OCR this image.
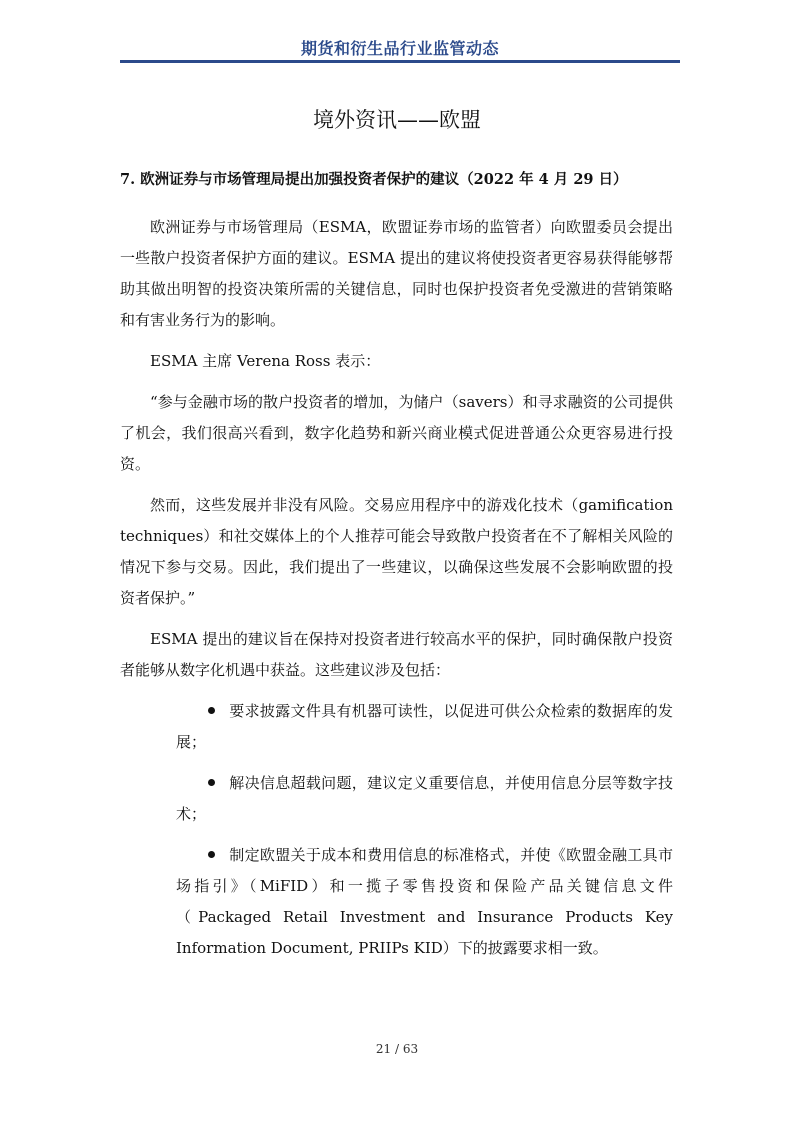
期货和衍生品行业监管动态
境外资讯——欧盟
7. 欧洲证券与市场管理局提出加强投资者保护的建议（2022 年 4 月 29 日）

欧洲证券与市场管理局（ESMA，欧盟证券市场的监管者）向欧盟委员会提出一些散户投资者保护方面的建议。ESMA 提出的建议将使投资者更容易获得能够帮助其做出明智的投资决策所需的关键信息，同时也保护投资者免受激进的营销策略和有害业务行为的影响。

ESMA 主席 Verena Ross 表示：

“参与金融市场的散户投资者的增加，为储户（savers）和寻求融资的公司提供了机会，我们很高兴看到，数字化趋势和新兴商业模式促进普通公众更容易进行投资。

然而，这些发展并非没有风险。交易应用程序中的游戏化技术（gamification techniques）和社交媒体上的个人推荐可能会导致散户投资者在不了解相关风险的情况下参与交易。因此，我们提出了一些建议，以确保这些发展不会影响欧盟的投资者保护。”

ESMA 提出的建议旨在保持对投资者进行较高水平的保护，同时确保散户投资者能够从数字化机遇中获益。这些建议涉及包括：

要求披露文件具有机器可读性，以促进可供公众检索的数据库的发展；
解决信息超载问题，建议定义重要信息，并使用信息分层等数字技术；
制定欧盟关于成本和费用信息的标准格式，并使《欧盟金融工具市场指引》（MiFID）和一揽子零售投资和保险产品关键信息文件（Packaged Retail Investment and Insurance Products Key Information Document, PRIIPs KID）下的披露要求相一致。
21 / 63
